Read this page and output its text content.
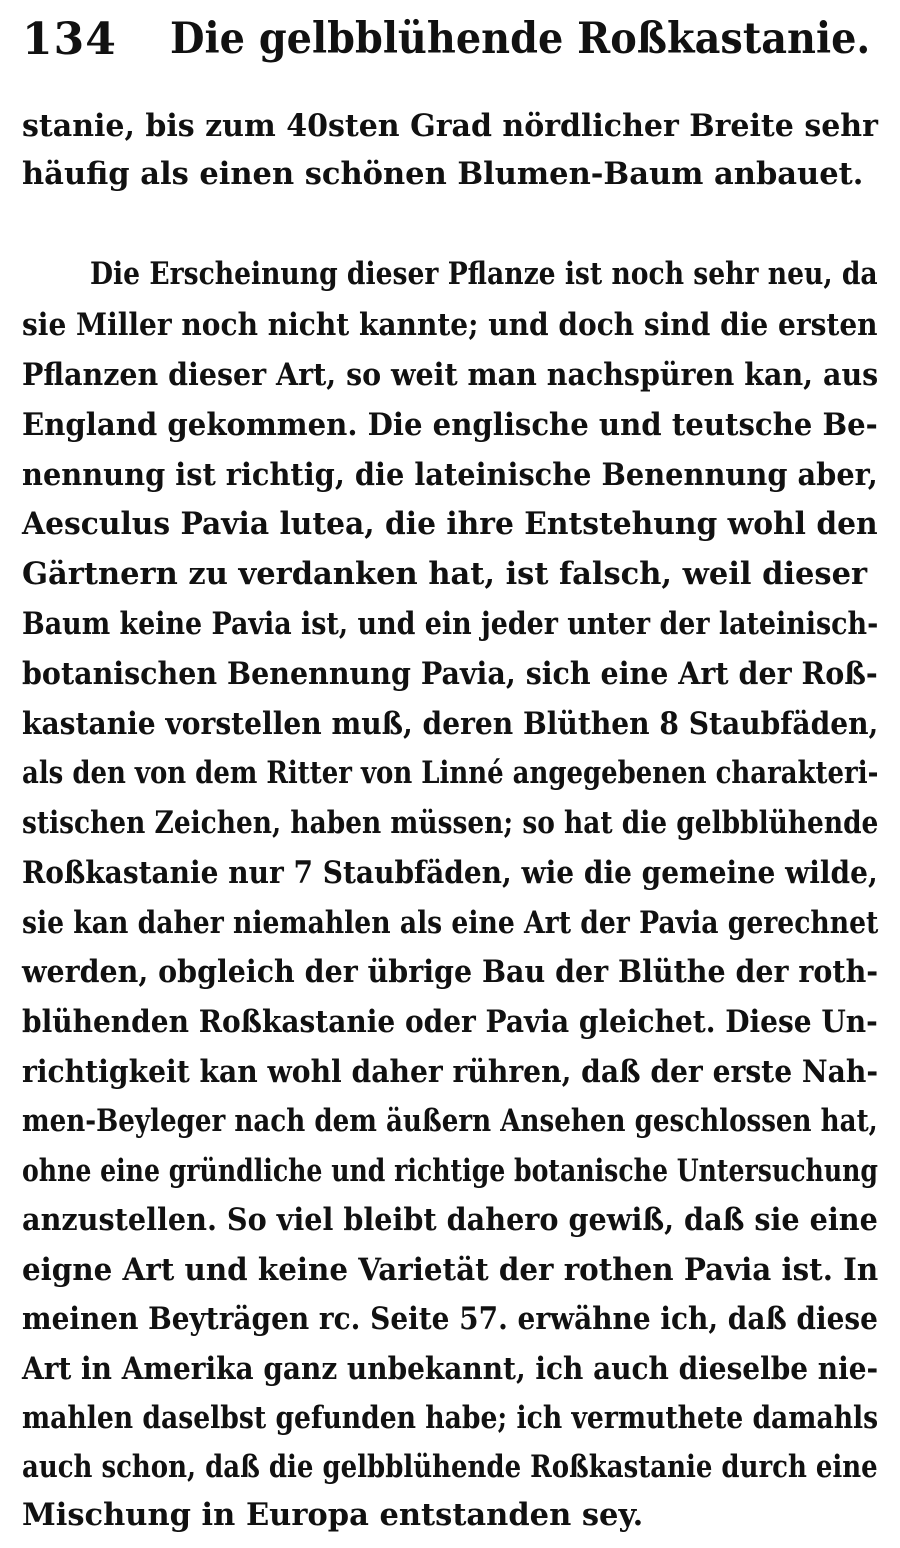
134 Die gelbblühende Roßkastanie.
stanie, bis zum 40sten Grad nördlicher Breite sehr
häufig als einen schönen Blumen-Baum anbauet.
Die Erscheinung dieser Pflanze ist noch sehr neu, da
sie Miller noch nicht kannte; und doch sind die ersten
Pflanzen dieser Art, so weit man nachspüren kan, aus
England gekommen. Die englische und teutsche Be-
nennung ist richtig, die lateinische Benennung aber,
Aesculus Pavia lutea, die ihre Entstehung wohl den
Gärtnern zu verdanken hat, ist falsch, weil dieser
Baum keine Pavia ist, und ein jeder unter der lateinisch-
botanischen Benennung Pavia, sich eine Art der Roß-
kastanie vorstellen muß, deren Blüthen 8 Staubfäden,
als den von dem Ritter von Linné angegebenen charakteri-
stischen Zeichen, haben müssen; so hat die gelbblühende
Roßkastanie nur 7 Staubfäden, wie die gemeine wilde,
sie kan daher niemahlen als eine Art der Pavia gerechnet
werden, obgleich der übrige Bau der Blüthe der roth-
blühenden Roßkastanie oder Pavia gleichet. Diese Un-
richtigkeit kan wohl daher rühren, daß der erste Nah-
men-Beyleger nach dem äußern Ansehen geschlossen hat,
ohne eine gründliche und richtige botanische Untersuchung
anzustellen. So viel bleibt dahero gewiß, daß sie eine
eigne Art und keine Varietät der rothen Pavia ist. In
meinen Beyträgen rc. Seite 57. erwähne ich, daß diese
Art in Amerika ganz unbekannt, ich auch dieselbe nie-
mahlen daselbst gefunden habe; ich vermuthete damahls
auch schon, daß die gelbblühende Roßkastanie durch eine
Mischung in Europa entstanden sey.
